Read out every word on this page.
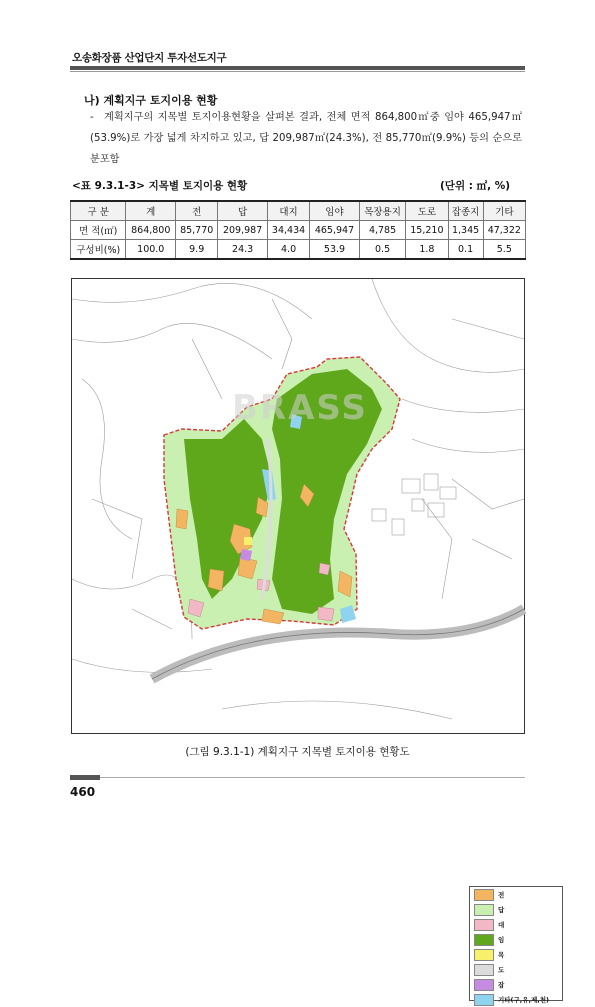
오송화장품 산업단지 투자선도지구
나) 계획지구 토지이용 현황
- 계획지구의 지목별 토지이용현황을 살펴본 결과, 전체 면적 864,800㎡중 임야 465,947㎡(53.9%)로 가장 넓게 차지하고 있고, 답 209,987㎡(24.3%), 전 85,770㎡(9.9%) 등의 순으로 분포함
<표 9.3.1-3> 지목별 토지이용 현황	(단위 : ㎡, %)
구 분	계	전	답	대지	임야	목장용지	도로	잡종지	기타
면 적(㎡)	864,800	85,770	209,987	34,434	465,947	4,785	15,210	1,345	47,322
구성비(%)	100.0	9.9	24.3	4.0	53.9	0.5	1.8	0.1	5.5
BRASS
전
답
대
임
목
도
잡
기타(구,유,제,천)
(그림 9.3.1-1) 계획지구 지목별 토지이용 현황도
460
